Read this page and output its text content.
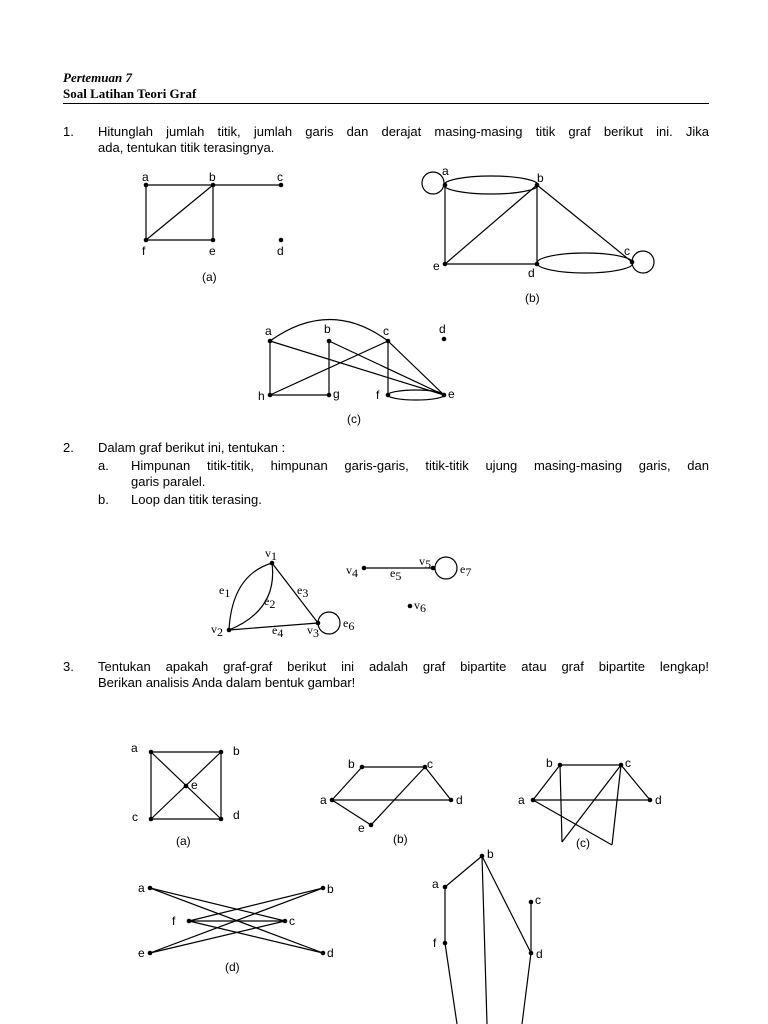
Pertemuan 7
Soal Latihan Teori Graf
1. Hitunglah jumlah titik, jumlah garis dan derajat masing-masing titik graf berikut ini. Jika
ada, tentukan titik terasingnya.
2. Dalam graf berikut ini, tentukan :
a. Himpunan titik-titik, himpunan garis-garis, titik-titik ujung masing-masing garis, dan
garis paralel.
b. Loop dan titik terasing.
3. Tentukan apakah graf-graf berikut ini adalah graf bipartite atau graf bipartite lengkap!
Berikan analisis Anda dalam bentuk gambar!
a	b	c
d
e
f
(a)
a	b
c
d
e
(b)
a	b	c	d
e
f
g
h
(c)
v1
v2	v3
v4
v5
v6
e1
e2
e3
e4
e5
e6
e7
a	b
c	d
e
(a)
b	c
a	d
e
(b)
b	c
a	d
(c)
a	b
f	c
e	d
(d)
b
a
c
f
d
